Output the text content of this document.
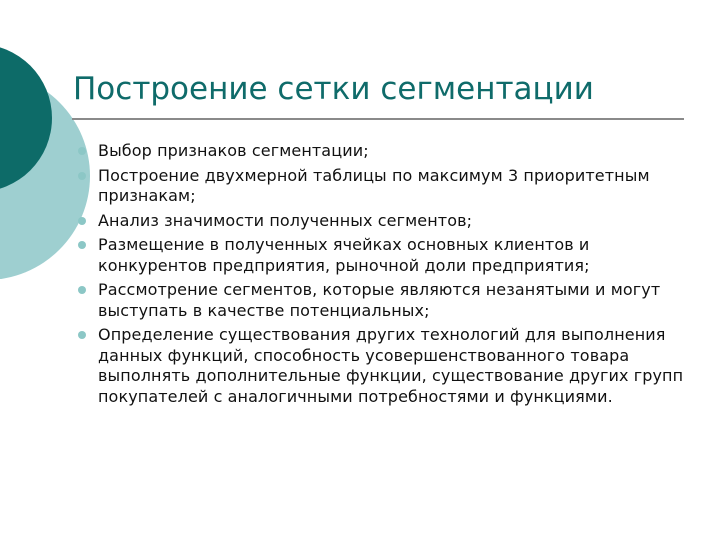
Построение сетки сегментации
Выбор признаков сегментации;
Построение двухмерной таблицы по максимум 3 приоритетным признакам;
Анализ значимости полученных сегментов;
Размещение в полученных ячейках основных клиентов и конкурентов предприятия, рыночной доли предприятия;
Рассмотрение сегментов, которые являются незанятыми и могут выступать в качестве потенциальных;
Определение существования других технологий для выполнения данных функций, способность усовершенствованного товара выполнять дополнительные функции, существование других групп покупателей с аналогичными потребностями и функциями.
